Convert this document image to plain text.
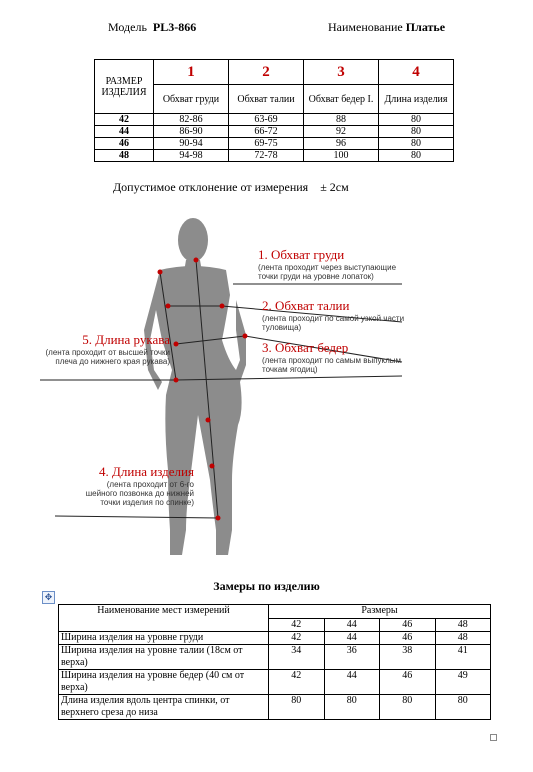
Модель PL3-866	Наименование Платье
РАЗМЕР ИЗДЕЛИЯ	1	2	3	4
	Обхват груди	Обхват талии	Обхват бедер I.	Длина изделия
42	82-86	63-69	88	80
44	86-90	66-72	92	80
46	90-94	69-75	96	80
48	94-98	72-78	100	80
Допустимое отклонение от измерения ± 2см
1. Обхват груди
(лента проходит через выступающие точки груди на уровне лопаток)
2. Обхват талии
(лента проходит по самой узкой части туловища)
3. Обхват бедер
(лента проходит по самым выпуклым точкам ягодиц)
5. Длина рукава
(лента проходит от высшей точки плеча до нижнего края рукава)
4. Длина изделия
(лента проходит от 6-го шейного позвонка до нижней точки изделия по спинке)
Замеры по изделию
✥
Наименование мест измерений	Размеры			
	42	44	46	48
Ширина изделия на уровне груди	42	44	46	48
Ширина изделия на уровне талии (18см от верха)	34	36	38	41
Ширина изделия на уровне бедер (40 см от верха)	42	44	46	49
Длина изделия вдоль центра спинки, от верхнего среза до низа	80	80	80	80
